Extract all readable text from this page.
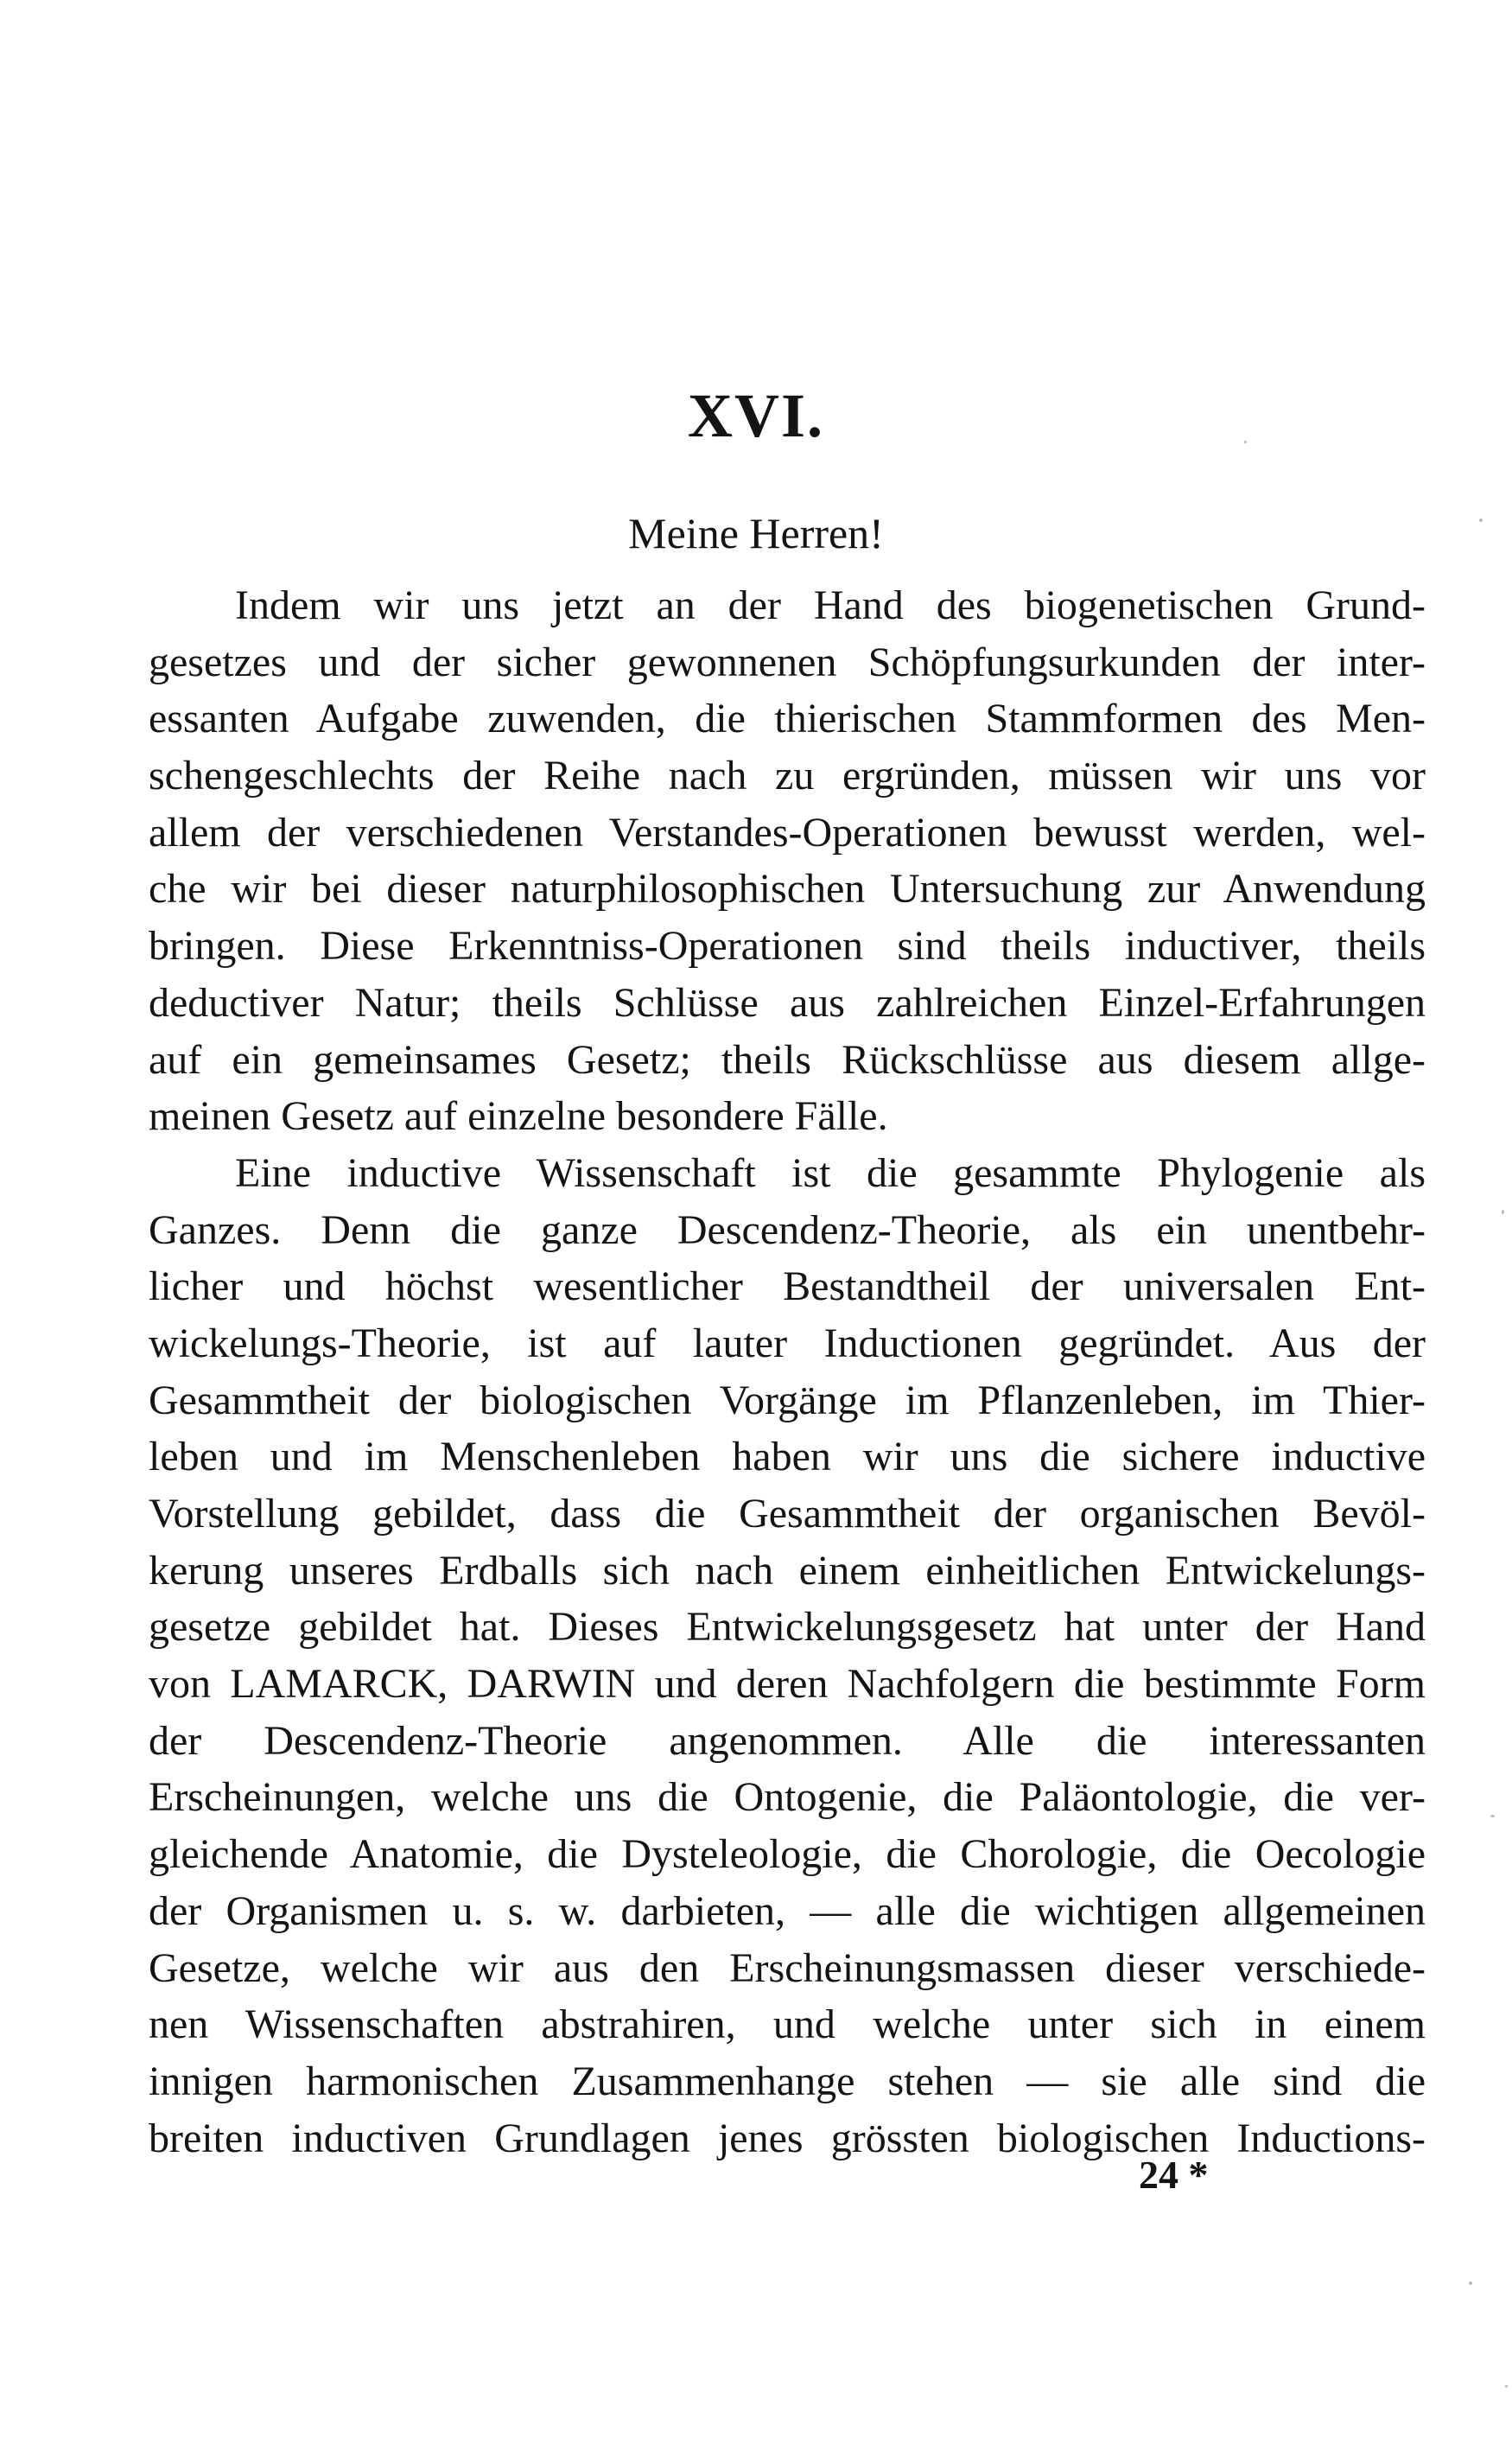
XVI.
Meine Herren!
Indem wir uns jetzt an der Hand des biogenetischen Grund-
gesetzes und der sicher gewonnenen Schöpfungsurkunden der inter-
essanten Aufgabe zuwenden, die thierischen Stammformen des Men-
schengeschlechts der Reihe nach zu ergründen, müssen wir uns vor
allem der verschiedenen Verstandes-Operationen bewusst werden, wel-
che wir bei dieser naturphilosophischen Untersuchung zur Anwendung
bringen. Diese Erkenntniss-Operationen sind theils inductiver, theils
deductiver Natur; theils Schlüsse aus zahlreichen Einzel-Erfahrungen
auf ein gemeinsames Gesetz; theils Rückschlüsse aus diesem allge-
meinen Gesetz auf einzelne besondere Fälle.
Eine inductive Wissenschaft ist die gesammte Phylogenie als
Ganzes. Denn die ganze Descendenz-Theorie, als ein unentbehr-
licher und höchst wesentlicher Bestandtheil der universalen Ent-
wickelungs-Theorie, ist auf lauter Inductionen gegründet. Aus der
Gesammtheit der biologischen Vorgänge im Pflanzenleben, im Thier-
leben und im Menschenleben haben wir uns die sichere inductive
Vorstellung gebildet, dass die Gesammtheit der organischen Bevöl-
kerung unseres Erdballs sich nach einem einheitlichen Entwickelungs-
gesetze gebildet hat. Dieses Entwickelungsgesetz hat unter der Hand
von LAMARCK, DARWIN und deren Nachfolgern die bestimmte Form
der Descendenz-Theorie angenommen. Alle die interessanten
Erscheinungen, welche uns die Ontogenie, die Paläontologie, die ver-
gleichende Anatomie, die Dysteleologie, die Chorologie, die Oecologie
der Organismen u. s. w. darbieten, — alle die wichtigen allgemeinen
Gesetze, welche wir aus den Erscheinungsmassen dieser verschiede-
nen Wissenschaften abstrahiren, und welche unter sich in einem
innigen harmonischen Zusammenhange stehen — sie alle sind die
breiten inductiven Grundlagen jenes grössten biologischen Inductions-
24 *
